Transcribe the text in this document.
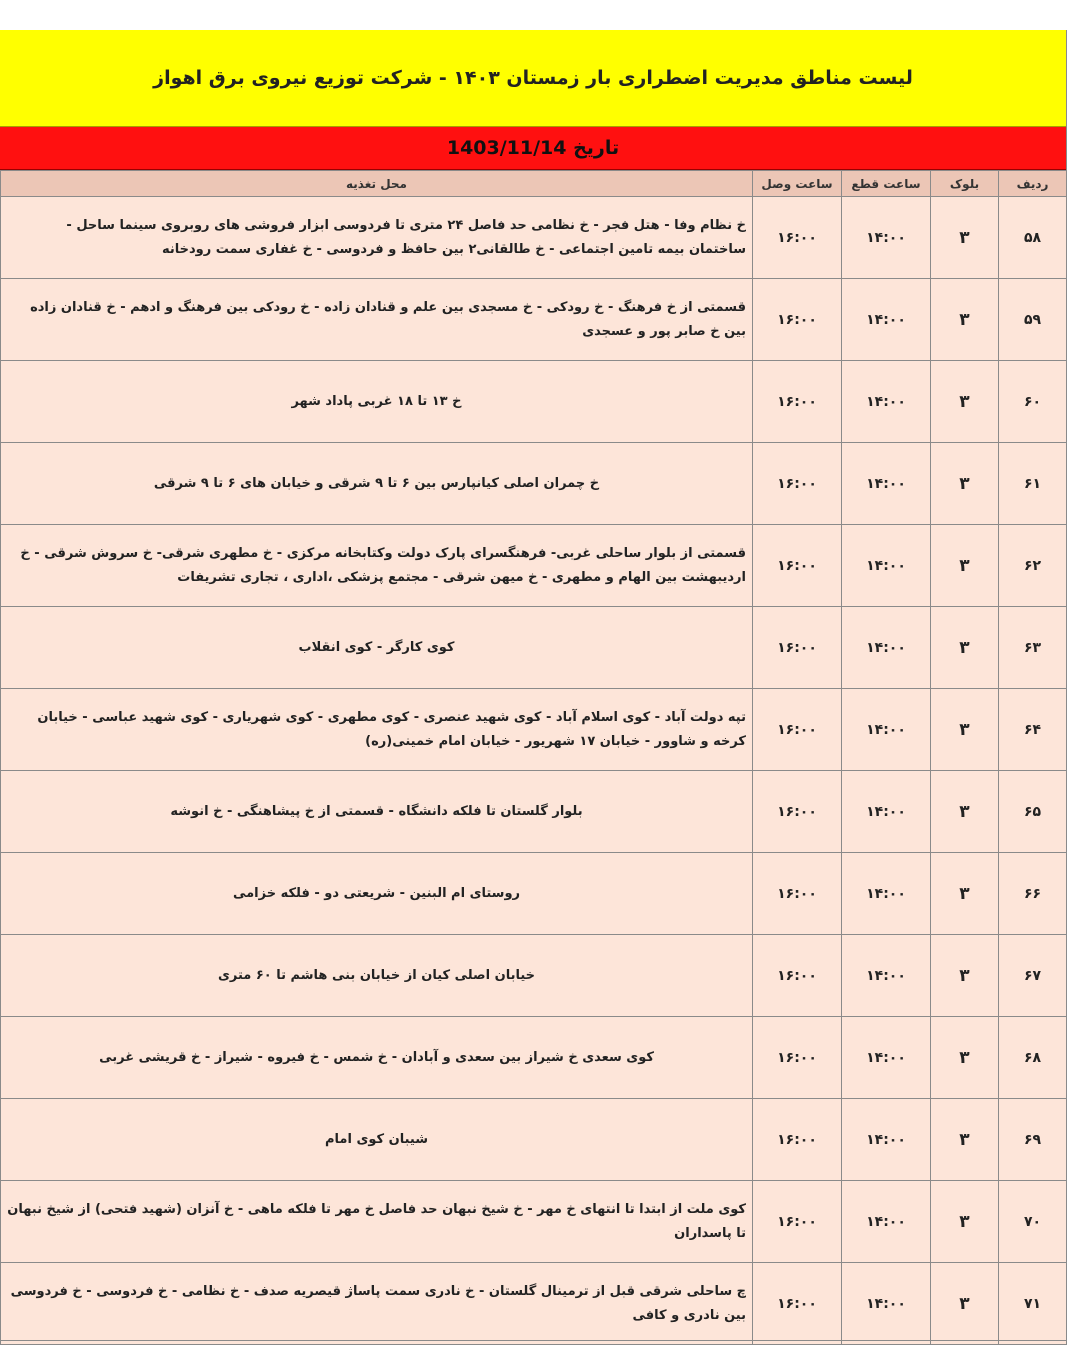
لیست مناطق مدیریت اضطراری بار زمستان ۱۴۰۳ - شرکت توزیع نیروی برق اهواز
تاریخ 1403/11/14
ردیف	بلوک	ساعت قطع	ساعت وصل	محل تغذیه
۵۸	۳	۱۴:۰۰	۱۶:۰۰	خ نظام وفا - هتل فجر - خ نظامی حد فاصل ۲۴ متری تا فردوسی ابزار فروشی های روبروی سینما ساحل - ساختمان بیمه تامین اجتماعی - خ طالقانی۲ بین حافظ و فردوسی - خ غفاری سمت رودخانه
۵۹	۳	۱۴:۰۰	۱۶:۰۰	قسمتی از خ فرهنگ - خ رودکی - خ مسجدی بین علم و قنادان زاده - خ رودکی بین فرهنگ و ادهم - خ قنادان زاده بین خ صابر پور و عسجدی
۶۰	۳	۱۴:۰۰	۱۶:۰۰	خ ۱۳ تا ۱۸ غربی پاداد شهر
۶۱	۳	۱۴:۰۰	۱۶:۰۰	خ چمران اصلی کیانپارس بین ۶ تا ۹ شرقی و خیابان های ۶ تا ۹ شرقی
۶۲	۳	۱۴:۰۰	۱۶:۰۰	قسمتی از بلوار ساحلی غربی- فرهنگسرای پارک دولت وکتابخانه مرکزی - خ مطهری شرقی- خ سروش شرقی - خ اردیبهشت بین الهام و مطهری - خ میهن شرقی - مجتمع پزشکی ،اداری ، تجاری تشریفات
۶۳	۳	۱۴:۰۰	۱۶:۰۰	کوی کارگر - کوی انقلاب
۶۴	۳	۱۴:۰۰	۱۶:۰۰	تپه دولت آباد - کوی اسلام آباد - کوی شهید عنصری - کوی مطهری - کوی شهریاری - کوی شهید عباسی - خیابان کرخه و شاوور - خیابان ۱۷ شهریور - خیابان امام خمینی(ره)
۶۵	۳	۱۴:۰۰	۱۶:۰۰	بلوار گلستان تا فلکه دانشگاه - قسمتی از خ پیشاهنگی - خ انوشه
۶۶	۳	۱۴:۰۰	۱۶:۰۰	روستای ام البنین - شریعتی دو - فلکه خزامی
۶۷	۳	۱۴:۰۰	۱۶:۰۰	خیابان اصلی کیان از خیابان بنی هاشم تا ۶۰ متری
۶۸	۳	۱۴:۰۰	۱۶:۰۰	کوی سعدی خ شیراز بین سعدی و آبادان - خ شمس - خ فیروه - شیراز - خ قریشی غربی
۶۹	۳	۱۴:۰۰	۱۶:۰۰	شیبان کوی امام
۷۰	۳	۱۴:۰۰	۱۶:۰۰	کوی ملت از ابتدا تا انتهای خ مهر - خ شیخ نبهان حد فاصل خ مهر تا فلکه ماهی - خ آنزان (شهید فتحی) از شیخ نبهان تا پاسداران
۷۱	۳	۱۴:۰۰	۱۶:۰۰	چ ساحلی شرقی قبل از ترمینال گلستان - خ نادری سمت پاساژ قیصریه صدف - خ نظامی - خ فردوسی - خ فردوسی بین نادری و کافی
